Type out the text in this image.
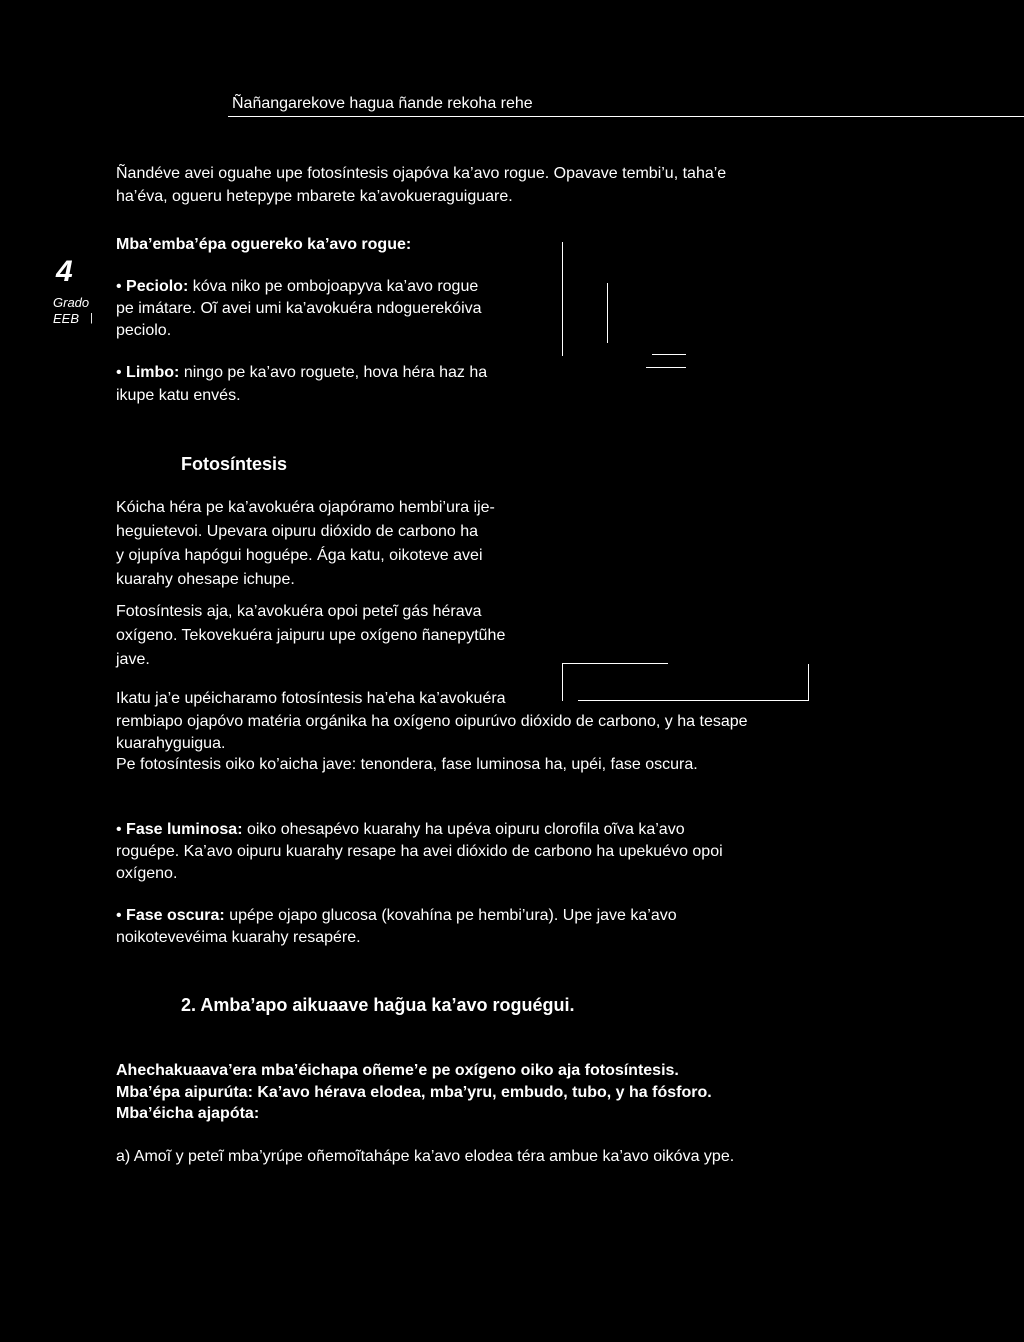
Ñañangarekove hagua ñande rekoha rehe
4
Grado
EEB |
Ñandéve avei oguahe upe fotosíntesis ojapóva ka’avo rogue. Opavave tembi’u, taha’e
ha’éva, ogueru hetepype mbarete ka’avokueraguiguare.
Mba’emba’épa oguereko ka’avo rogue:
• Peciolo: kóva niko pe ombojoapyva ka’avo rogue
pe imátare. Oĩ avei umi ka’avokuéra ndoguerekóiva
peciolo.
• Limbo: ningo pe ka’avo roguete, hova héra haz ha
ikupe katu envés.
Fotosíntesis
Kóicha héra pe ka’avokuéra ojapóramo hembi’ura ije-
heguietevoi. Upevara oipuru dióxido de carbono ha
y ojupíva hapógui hoguépe. Ága katu, oikoteve avei
kuarahy ohesape ichupe.
Fotosíntesis aja, ka’avokuéra opoi peteĩ gás hérava
oxígeno. Tekovekuéra jaipuru upe oxígeno ñanepytũhe
jave.
Ikatu ja’e upéicharamo fotosíntesis ha’eha ka’avokuéra
rembiapo ojapóvo matéria orgánika ha oxígeno oipurúvo dióxido de carbono, y ha tesape
kuarahyguigua.
Pe fotosíntesis oiko ko’aicha jave: tenondera, fase luminosa ha, upéi, fase oscura.
• Fase luminosa: oiko ohesapévo kuarahy ha upéva oipuru clorofila oĩva ka’avo
roguépe. Ka’avo oipuru kuarahy resape ha avei dióxido de carbono ha upekuévo opoi
oxígeno.
• Fase oscura: upépe ojapo glucosa (kovahína pe hembi’ura). Upe jave ka’avo
noikotevevéima kuarahy resapére.
2. Amba’apo aikuaave hag̃ua ka’avo roguégui.
Ahechakuaava’era mba’éichapa oñeme’e pe oxígeno oiko aja fotosíntesis.
Mba’épa aipurúta: Ka’avo hérava elodea, mba’yru, embudo, tubo, y ha fósforo.
Mba’éicha ajapóta:
a) Amoĩ y peteĩ mba’yrúpe oñemoĩtahápe ka’avo elodea téra ambue ka’avo oikóva ype.
